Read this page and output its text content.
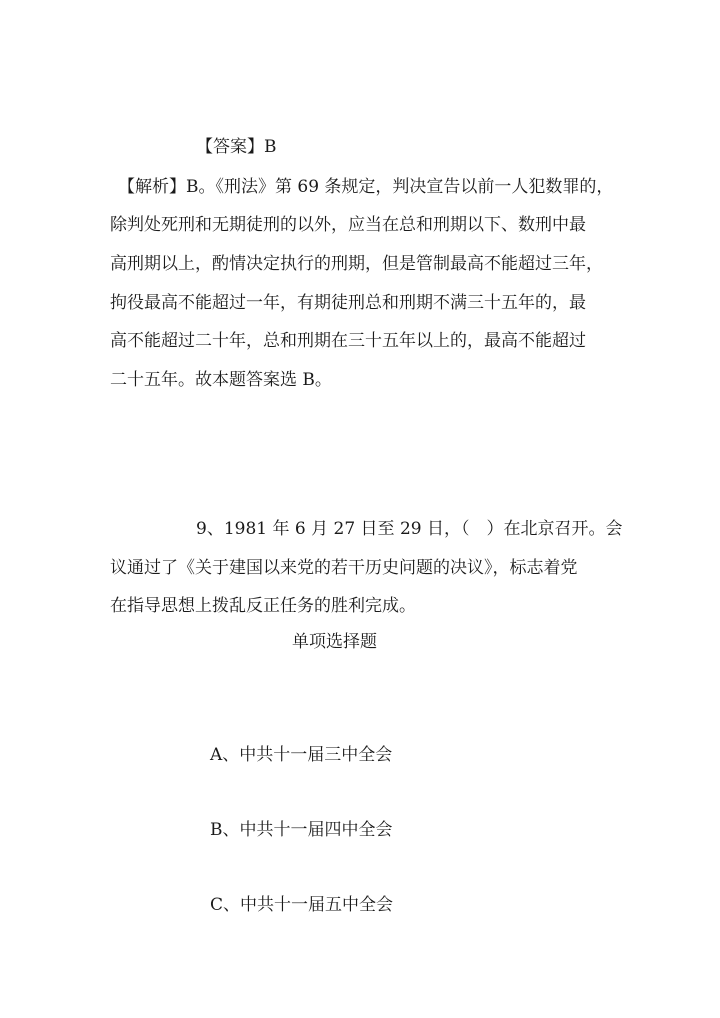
【答案】B
【解析】B。《刑法》第 69 条规定，判决宣告以前一人犯数罪的，
除判处死刑和无期徒刑的以外，应当在总和刑期以下、数刑中最
高刑期以上，酌情决定执行的刑期，但是管制最高不能超过三年，
拘役最高不能超过一年，有期徒刑总和刑期不满三十五年的，最
高不能超过二十年，总和刑期在三十五年以上的，最高不能超过
二十五年。故本题答案选 B。
9、1981 年 6 月 27 日至 29 日，（　）在北京召开。会
议通过了《关于建国以来党的若干历史问题的决议》，标志着党
在指导思想上拨乱反正任务的胜利完成。
单项选择题
A、中共十一届三中全会
B、中共十一届四中全会
C、中共十一届五中全会
